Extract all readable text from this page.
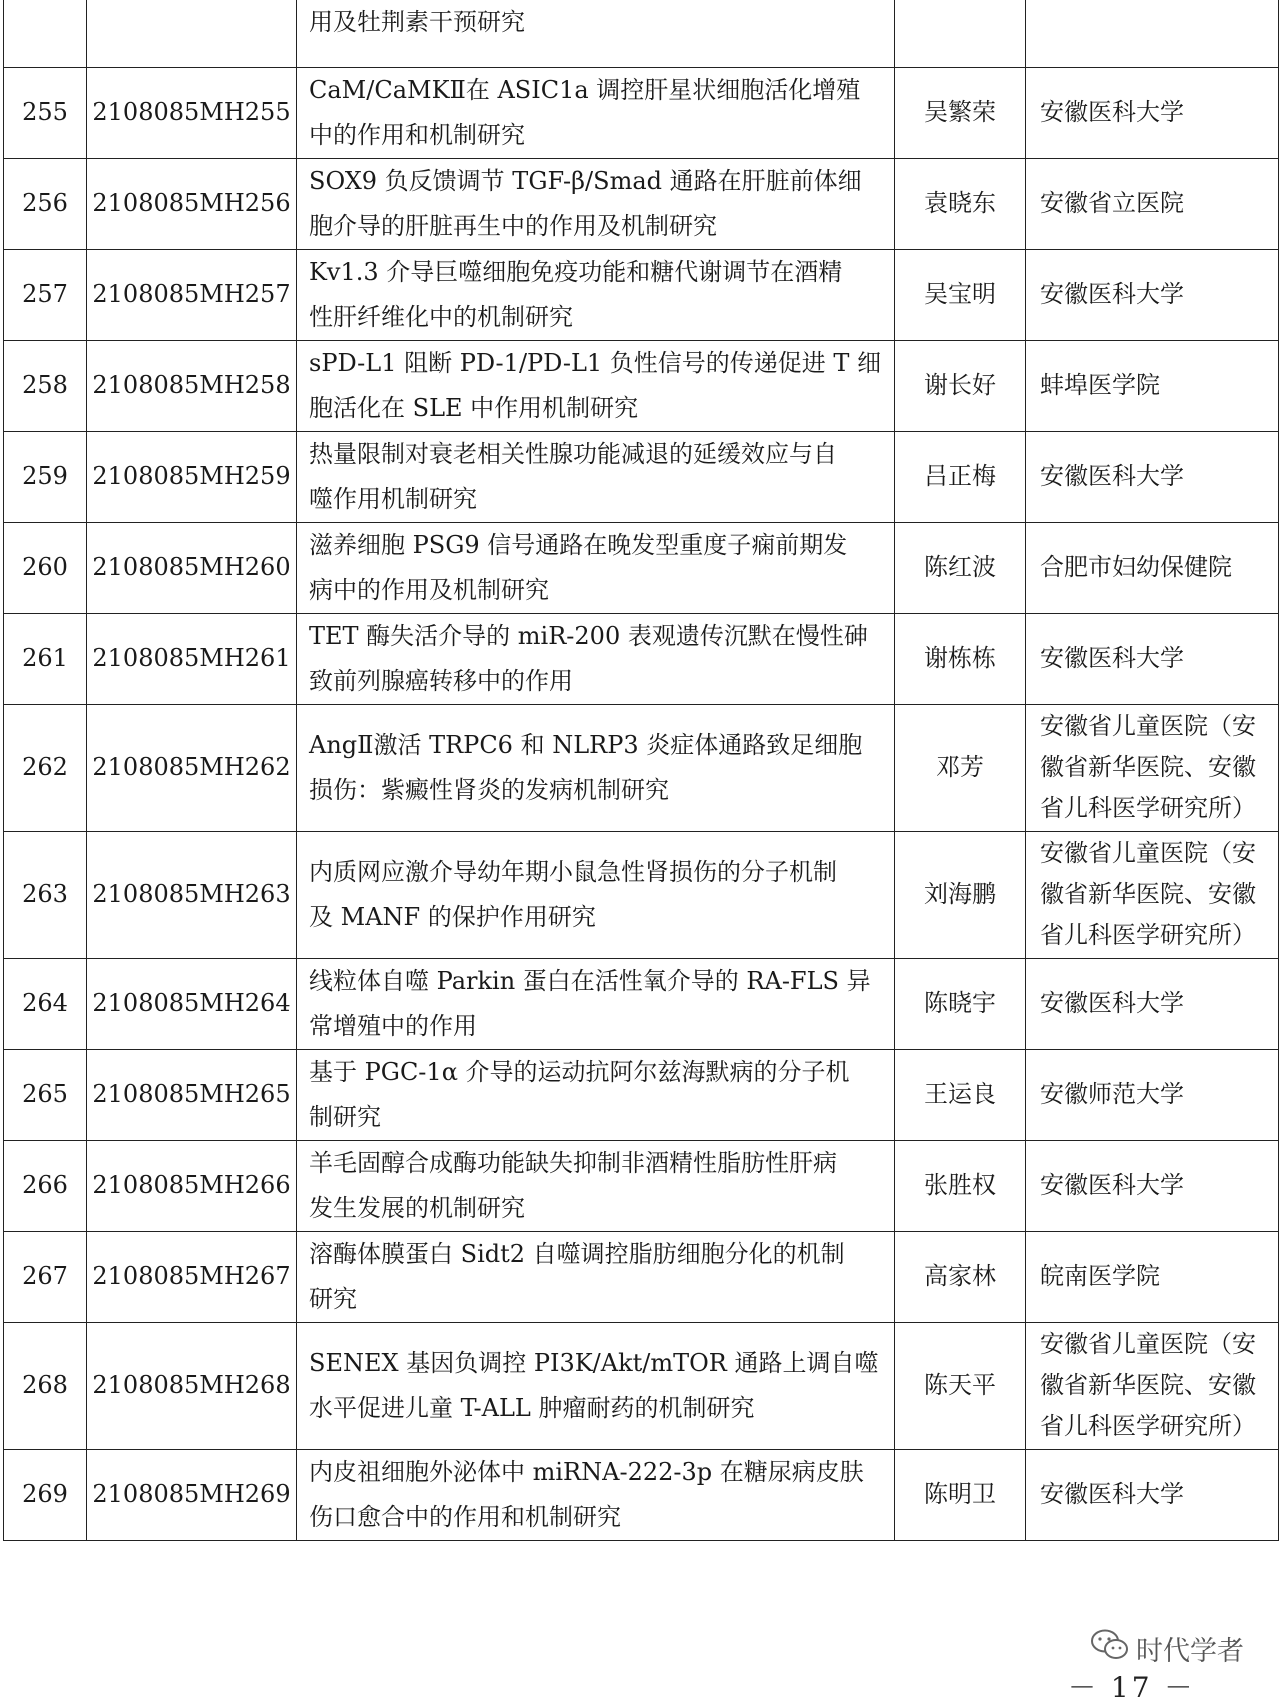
		用及牡荆素干预研究		

255	2108085MH255	CaM/CaMKⅡ在 ASIC1a 调控肝星状细胞活化增殖
中的作用和机制研究	吴繁荣	安徽医科大学

256	2108085MH256	SOX9 负反馈调节 TGF-β/Smad 通路在肝脏前体细
胞介导的肝脏再生中的作用及机制研究	袁晓东	安徽省立医院

257	2108085MH257	Kv1.3 介导巨噬细胞免疫功能和糖代谢调节在酒精
性肝纤维化中的机制研究	吴宝明	安徽医科大学

258	2108085MH258	sPD-L1 阻断 PD-1/PD-L1 负性信号的传递促进 T 细
胞活化在 SLE 中作用机制研究	谢长好	蚌埠医学院

259	2108085MH259	热量限制对衰老相关性腺功能减退的延缓效应与自
噬作用机制研究	吕正梅	安徽医科大学

260	2108085MH260	滋养细胞 PSG9 信号通路在晚发型重度子痫前期发
病中的作用及机制研究	陈红波	合肥市妇幼保健院

261	2108085MH261	TET 酶失活介导的 miR-200 表观遗传沉默在慢性砷
致前列腺癌转移中的作用	谢栋栋	安徽医科大学

262	2108085MH262	AngⅡ激活 TRPC6 和 NLRP3 炎症体通路致足细胞
损伤：紫癜性肾炎的发病机制研究	邓芳	安徽省儿童医院（安
徽省新华医院、安徽
省儿科医学研究所）

263	2108085MH263	内质网应激介导幼年期小鼠急性肾损伤的分子机制
及 MANF 的保护作用研究	刘海鹏	安徽省儿童医院（安
徽省新华医院、安徽
省儿科医学研究所）

264	2108085MH264	线粒体自噬 Parkin 蛋白在活性氧介导的 RA-FLS 异
常增殖中的作用	陈晓宇	安徽医科大学

265	2108085MH265	基于 PGC-1α 介导的运动抗阿尔兹海默病的分子机
制研究	王运良	安徽师范大学

266	2108085MH266	羊毛固醇合成酶功能缺失抑制非酒精性脂肪性肝病
发生发展的机制研究	张胜权	安徽医科大学

267	2108085MH267	溶酶体膜蛋白 Sidt2 自噬调控脂肪细胞分化的机制
研究	高家林	皖南医学院

268	2108085MH268	SENEX 基因负调控 PI3K/Akt/mTOR 通路上调自噬
水平促进儿童 T-ALL 肿瘤耐药的机制研究	陈天平	安徽省儿童医院（安
徽省新华医院、安徽
省儿科医学研究所）

269	2108085MH269	内皮祖细胞外泌体中 miRNA-222-3p 在糖尿病皮肤
伤口愈合中的作用和机制研究	陈明卫	安徽医科大学
时代学者
－ 17 －
